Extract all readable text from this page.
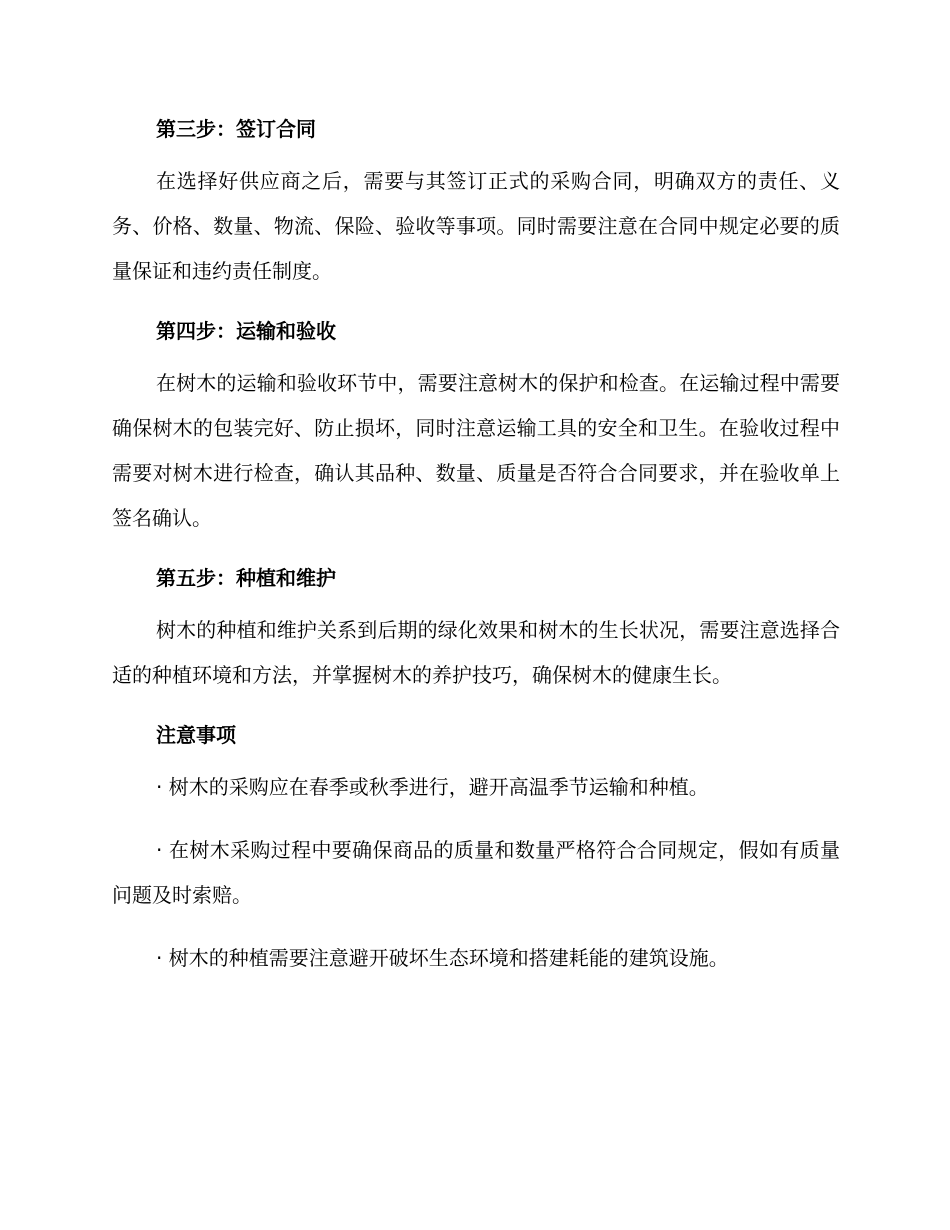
第三步：签订合同

在选择好供应商之后，需要与其签订正式的采购合同，明确双方的责任、义务、价格、数量、物流、保险、验收等事项。同时需要注意在合同中规定必要的质量保证和违约责任制度。

第四步：运输和验收

在树木的运输和验收环节中，需要注意树木的保护和检查。在运输过程中需要确保树木的包装完好、防止损坏，同时注意运输工具的安全和卫生。在验收过程中需要对树木进行检查，确认其品种、数量、质量是否符合合同要求，并在验收单上签名确认。

第五步：种植和维护

树木的种植和维护关系到后期的绿化效果和树木的生长状况，需要注意选择合适的种植环境和方法，并掌握树木的养护技巧，确保树木的健康生长。

注意事项

· 树木的采购应在春季或秋季进行，避开高温季节运输和种植。

· 在树木采购过程中要确保商品的质量和数量严格符合合同规定，假如有质量问题及时索赔。

· 树木的种植需要注意避开破坏生态环境和搭建耗能的建筑设施。
